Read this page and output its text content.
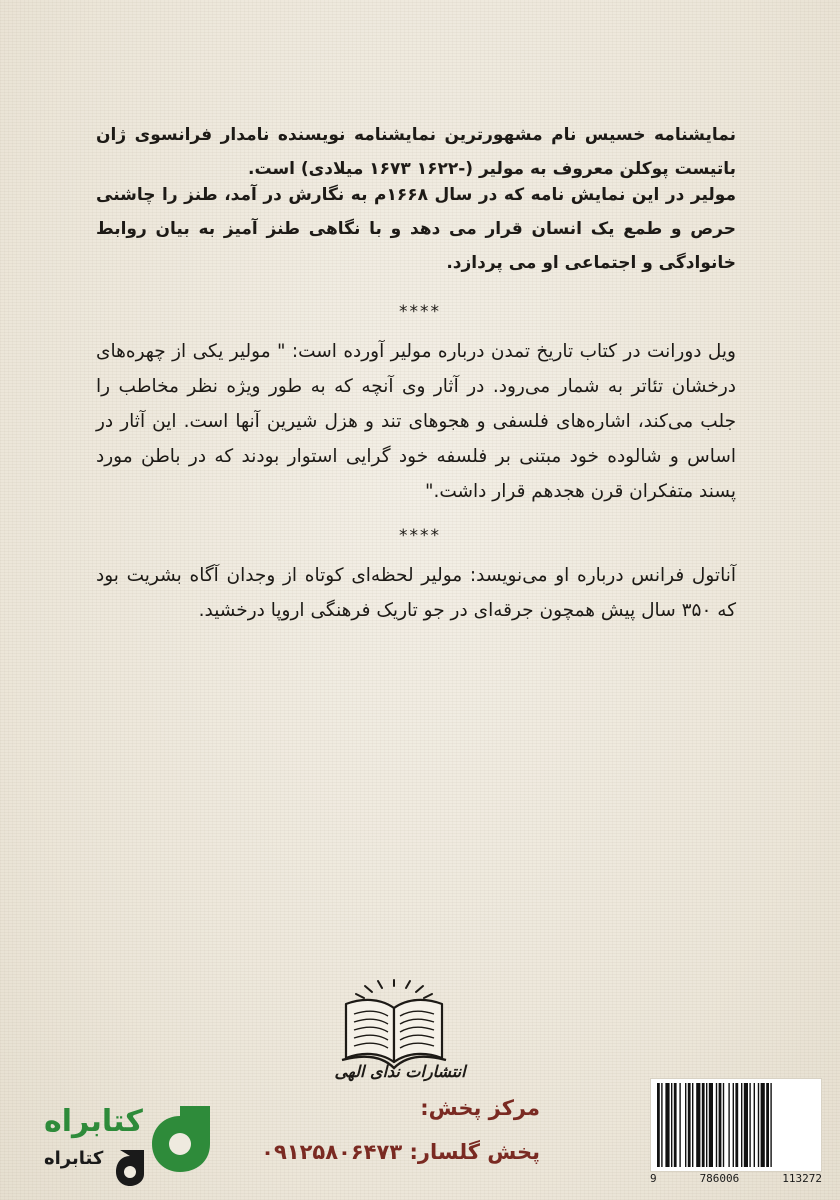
نمایشنامه خسیس نام مشهورترین نمایشنامه نویسنده نامدار فرانسوی ژان باتیست پوکلن معروف به مولیر (-۱۶۲۲ ۱۶۷۳ میلادی) است.
مولیر در این نمایش نامه که در سال ۱۶۶۸م به نگارش در آمد، طنز را چاشنی حرص و طمع یک انسان قرار می دهد و با نگاهی طنز آمیز به بیان روابط خانوادگی و اجتماعی او می پردازد.
****
ویل دورانت در کتاب تاریخ تمدن درباره مولیر آورده است: " مولیر یکی از چهره‌های درخشان تئاتر به شمار می‌رود. در آثار وی آنچه که به طور ویژه نظر مخاطب را جلب می‌کند، اشاره‌های فلسفی و هجوهای تند و هزل شیرین آنها است. این آثار در اساس و شالوده خود مبتنی بر فلسفه خود گرایی استوار بودند که در باطن مورد پسند متفکران قرن هجدهم قرار داشت."
****
آناتول فرانس درباره او می‌نویسد: مولیر لحظه‌ای کوتاه از وجدان آگاه بشریت بود که ۳۵۰ سال پیش همچون جرقه‌ای در جو تاریک فرهنگی اروپا درخشید.
انتشارات ندای الهی
مرکز پخش:
پخش گلسار: ۰۹۱۲۵۸۰۶۴۷۳
کتابراه
کتابراه
9	786006	113272
